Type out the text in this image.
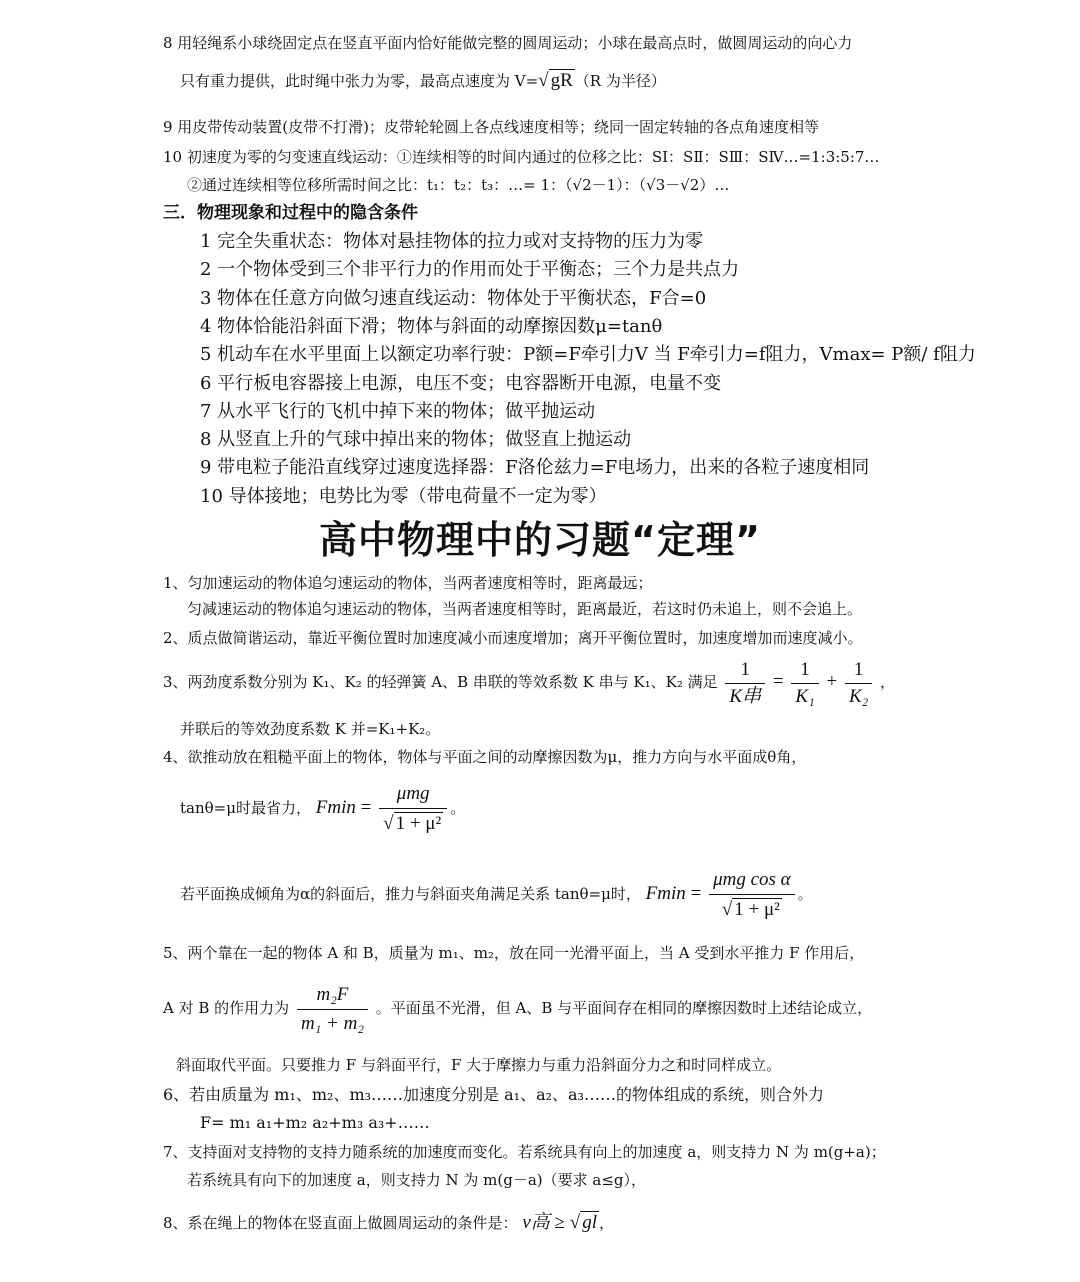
8 用轻绳系小球绕固定点在竖直平面内恰好能做完整的圆周运动；小球在最高点时，做圆周运动的向心力
只有重力提供，此时绳中张力为零，最高点速度为 V=√ gR （R 为半径）
9 用皮带传动装置(皮带不打滑)；皮带轮轮圆上各点线速度相等；绕同一固定转轴的各点角速度相等
10 初速度为零的匀变速直线运动：①连续相等的时间内通过的位移之比：SⅠ：SⅡ：SⅢ：SⅣ…=1:3:5:7…
②通过连续相等位移所需时间之比：t₁：t₂：t₃：…= 1：（√2－1）：（√3－√2）…
三．物理现象和过程中的隐含条件
1 完全失重状态：物体对悬挂物体的拉力或对支持物的压力为零
2 一个物体受到三个非平行力的作用而处于平衡态；三个力是共点力
3 物体在任意方向做匀速直线运动：物体处于平衡状态，F合=0
4 物体恰能沿斜面下滑；物体与斜面的动摩擦因数μ=tanθ
5 机动车在水平里面上以额定功率行驶：P额=F牵引力V 当 F牵引力=f阻力，Vmax= P额/ f阻力
6 平行板电容器接上电源，电压不变；电容器断开电源，电量不变
7 从水平飞行的飞机中掉下来的物体；做平抛运动
8 从竖直上升的气球中掉出来的物体；做竖直上抛运动
9 带电粒子能沿直线穿过速度选择器：F洛伦兹力=F电场力，出来的各粒子速度相同
10 导体接地；电势比为零（带电荷量不一定为零）
高中物理中的习题“定理”
1、匀加速运动的物体追匀速运动的物体，当两者速度相等时，距离最远；
匀减速运动的物体追匀速运动的物体，当两者速度相等时，距离最近，若这时仍未追上，则不会追上。
2、质点做简谐运动，靠近平衡位置时加速度减小而速度增加；离开平衡位置时，加速度增加而速度减小。
3、两劲度系数分别为 K₁、K₂ 的轻弹簧 A、B 串联的等效系数 K 串与 K₁、K₂ 满足 $\frac{1}{\text{K串}} = \frac{1}{\text{K₁}} + \frac{1}{\text{K₂}}$ ，
并联后的等效劲度系数 K 并=K₁+K₂。
4、欲推动放在粗糙平面上的物体，物体与平面之间的动摩擦因数为μ，推力方向与水平面成θ角，
tanθ=μ时最省力， $Fmin = \frac{\text{μmg}}{\text{√ 1 + μ²}}$ 。
若平面换成倾角为α的斜面后，推力与斜面夹角满足关系 tanθ=μ时， $Fmin = \frac{\text{μmg cos α}}{\text{√ 1 + μ²}}$ 。
5、两个靠在一起的物体 A 和 B，质量为 m₁、m₂，放在同一光滑平面上，当 A 受到水平推力 F 作用后，
A 对 B 的作用力为 $\frac{\text{m₂F}}{\text{m₁ + m₂}}$ 。平面虽不光滑，但 A、B 与平面间存在相同的摩擦因数时上述结论成立，
斜面取代平面。只要推力 F 与斜面平行，F 大于摩擦力与重力沿斜面分力之和时同样成立。
6、若由质量为 m₁、m₂、m₃……加速度分别是 a₁、a₂、a₃……的物体组成的系统，则合外力
F= m₁ a₁+m₂ a₂+m₃ a₃+……
7、支持面对支持物的支持力随系统的加速度而变化。若系统具有向上的加速度 a，则支持力 N 为 m(g+a)；
若系统具有向下的加速度 a，则支持力 N 为 m(g－a)（要求 a≤g），
8、系在绳上的物体在竖直面上做圆周运动的条件是： v高 ≥ √ gl ，
